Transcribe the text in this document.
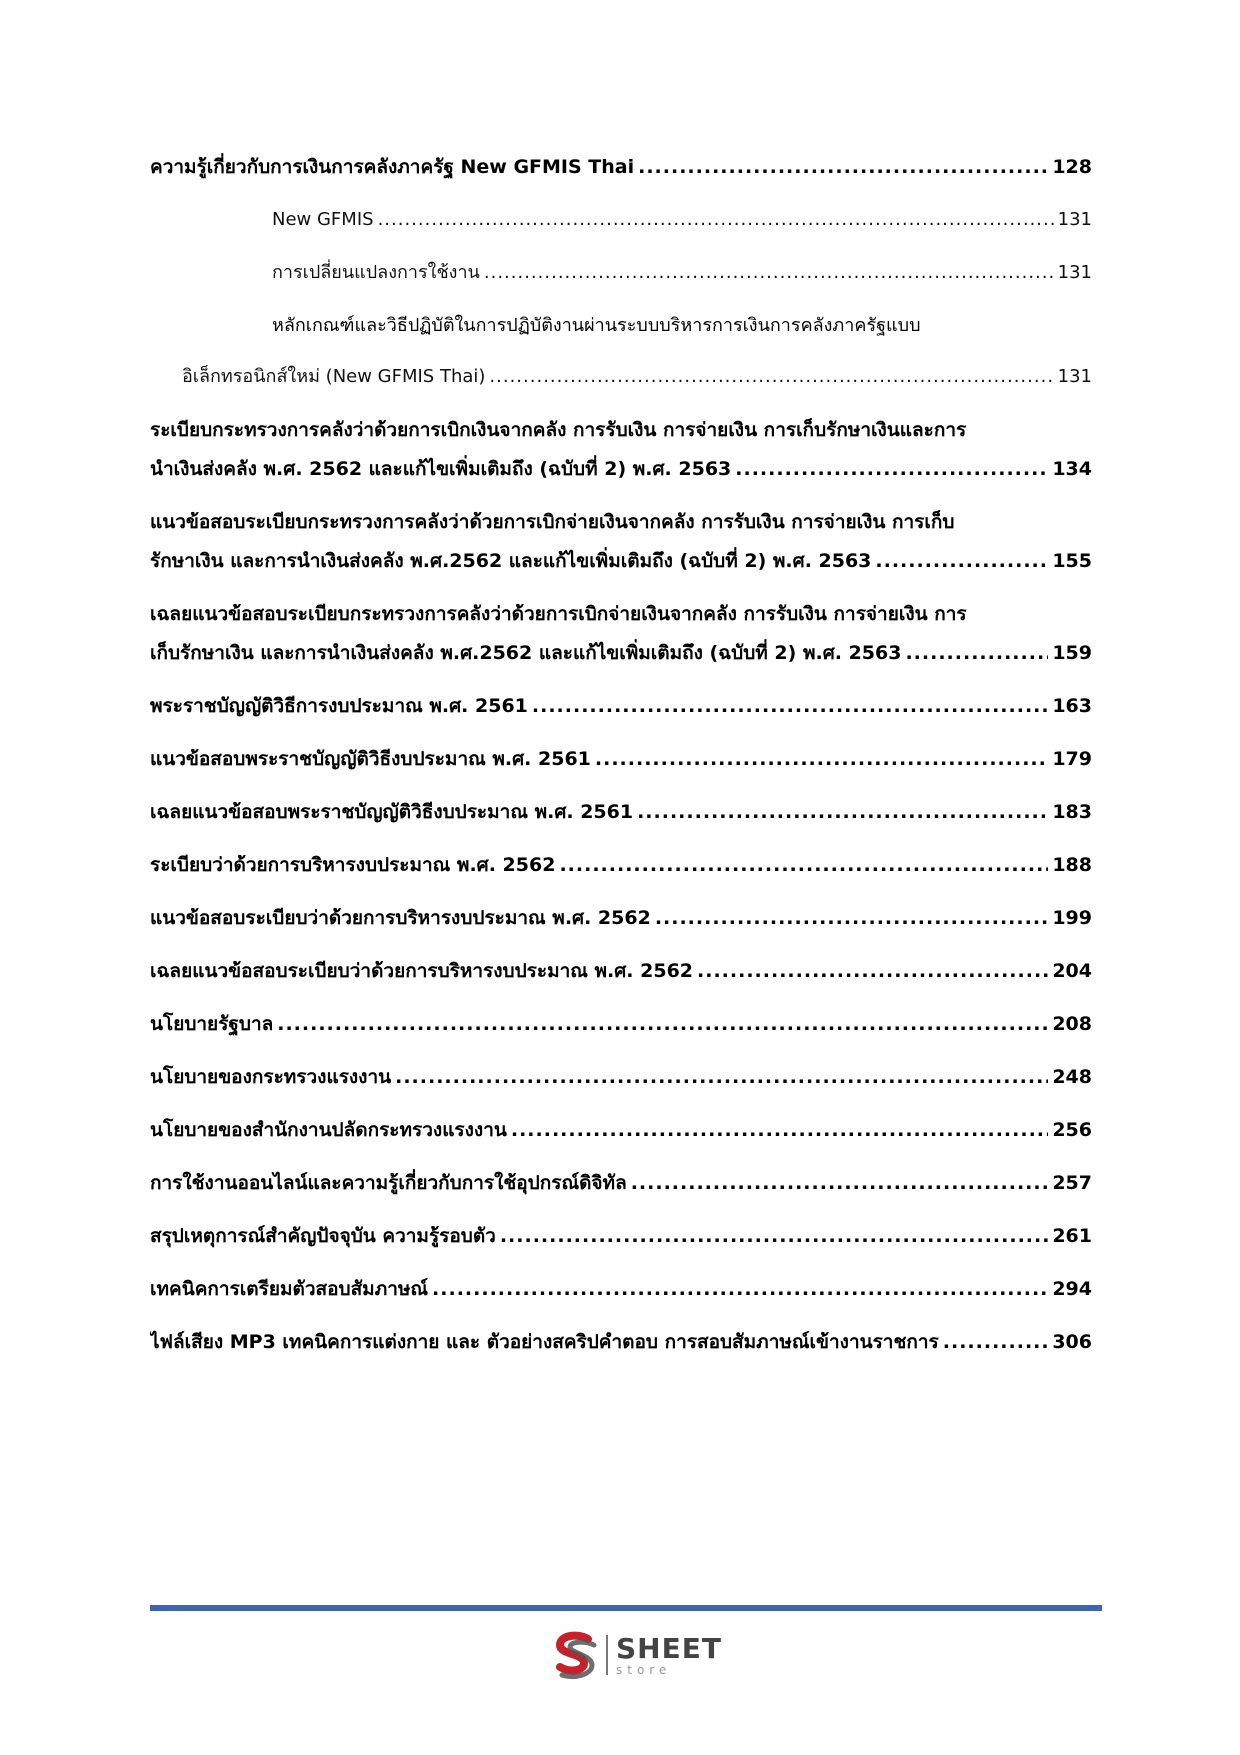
ความรู้เกี่ยวกับการเงินการคลังภาครัฐ New GFMIS Thai .....	128
New GFMIS .....	131
การเปลี่ยนแปลงการใช้งาน .....	131
หลักเกณฑ์และวิธีปฏิบัติในการปฏิบัติงานผ่านระบบบริหารการเงินการคลังภาครัฐแบบ
อิเล็กทรอนิกส์ใหม่ (New GFMIS Thai) .....	131
ระเบียบกระทรวงการคลังว่าด้วยการเบิกเงินจากคลัง การรับเงิน การจ่ายเงิน การเก็บรักษาเงินและการ
นำเงินส่งคลัง พ.ศ. 2562 และแก้ไขเพิ่มเติมถึง (ฉบับที่ 2) พ.ศ. 2563 .....	134
แนวข้อสอบระเบียบกระทรวงการคลังว่าด้วยการเบิกจ่ายเงินจากคลัง การรับเงิน การจ่ายเงิน การเก็บ
รักษาเงิน และการนำเงินส่งคลัง พ.ศ.2562 และแก้ไขเพิ่มเติมถึง (ฉบับที่ 2) พ.ศ. 2563 .....	155
เฉลยแนวข้อสอบระเบียบกระทรวงการคลังว่าด้วยการเบิกจ่ายเงินจากคลัง การรับเงิน การจ่ายเงิน การ
เก็บรักษาเงิน และการนำเงินส่งคลัง พ.ศ.2562 และแก้ไขเพิ่มเติมถึง (ฉบับที่ 2) พ.ศ. 2563 .....	159
พระราชบัญญัติวิธีการงบประมาณ พ.ศ. 2561 .....	163
แนวข้อสอบพระราชบัญญัติวิธีงบประมาณ พ.ศ. 2561 .....	179
เฉลยแนวข้อสอบพระราชบัญญัติวิธีงบประมาณ พ.ศ. 2561 .....	183
ระเบียบว่าด้วยการบริหารงบประมาณ พ.ศ. 2562 .....	188
แนวข้อสอบระเบียบว่าด้วยการบริหารงบประมาณ พ.ศ. 2562 .....	199
เฉลยแนวข้อสอบระเบียบว่าด้วยการบริหารงบประมาณ พ.ศ. 2562 .....	204
นโยบายรัฐบาล .....	208
นโยบายของกระทรวงแรงงาน .....	248
นโยบายของสำนักงานปลัดกระทรวงแรงงาน .....	256
การใช้งานออนไลน์และความรู้เกี่ยวกับการใช้อุปกรณ์ดิจิทัล .....	257
สรุปเหตุการณ์สำคัญปัจจุบัน ความรู้รอบตัว .....	261
เทคนิคการเตรียมตัวสอบสัมภาษณ์ .....	294
ไฟล์เสียง MP3 เทคนิคการแต่งกาย และ ตัวอย่างสคริปคำตอบ การสอบสัมภาษณ์เข้างานราชการ .....	306
SHEET
store
